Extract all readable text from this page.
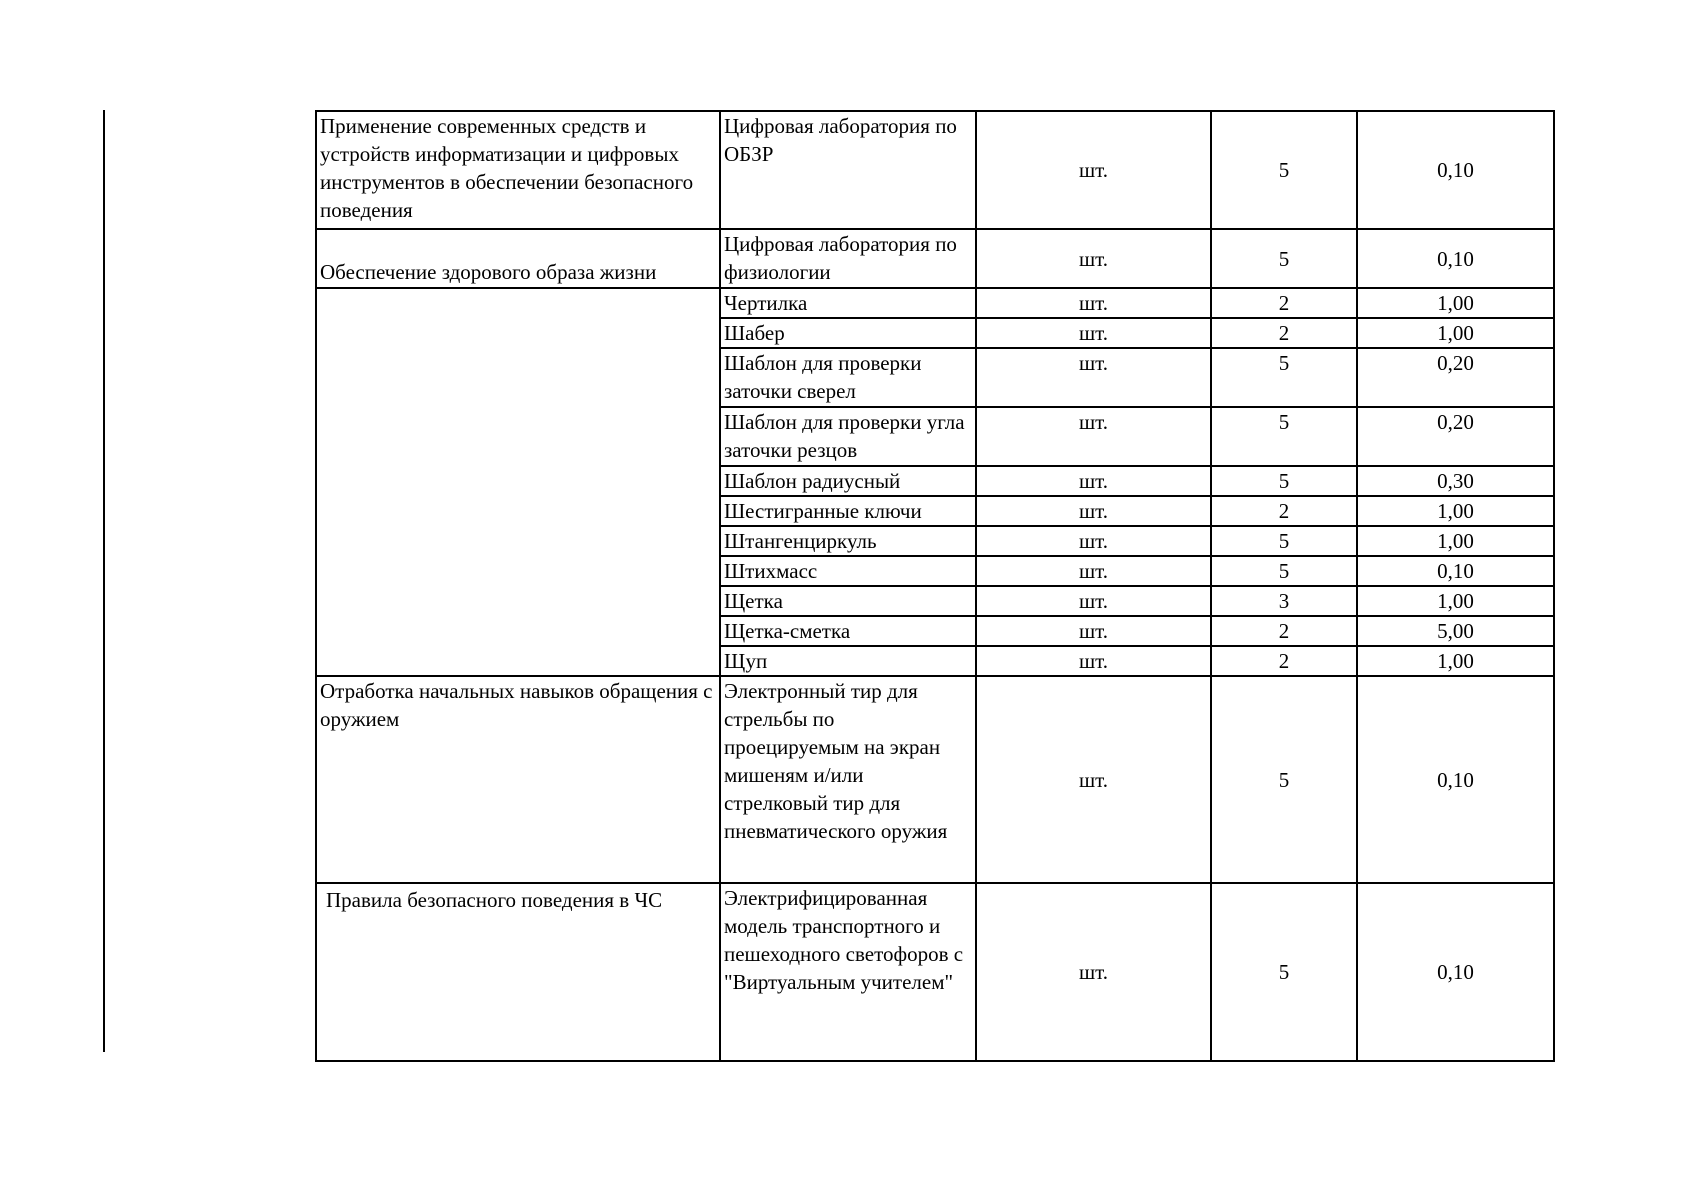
Применение современных средств и устройств информатизации и цифровых инструментов в обеспечении безопасного поведения	Цифровая лаборатория по ОБЗР	шт.	5	0,10
Обеспечение здорового образа жизни	Цифровая лаборатория по физиологии	шт.	5	0,10
	Чертилка	шт.	2	1,00
	Шабер	шт.	2	1,00
	Шаблон для проверки заточки сверел	шт.	5	0,20
	Шаблон для проверки угла заточки резцов	шт.	5	0,20
	Шаблон радиусный	шт.	5	0,30
	Шестигранные ключи	шт.	2	1,00
	Штангенциркуль	шт.	5	1,00
	Штихмасс	шт.	5	0,10
	Щетка	шт.	3	1,00
	Щетка-сметка	шт.	2	5,00
	Щуп	шт.	2	1,00
Отработка начальных навыков обращения с оружием	Электронный тир для стрельбы по проецируемым на экран мишеням и/или стрелковый тир для пневматического оружия	шт.	5	0,10
Правила безопасного поведения в ЧС	Электрифицированная модель транспортного и пешеходного светофоров с "Виртуальным учителем"	шт.	5	0,10
